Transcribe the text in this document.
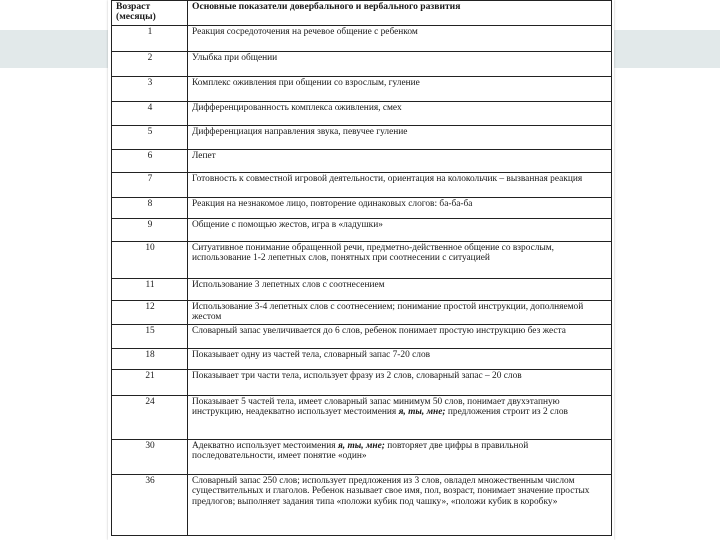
Возраст (месяцы)	Основные показатели довербального и вербального развития
1	Реакция сосредоточения на речевое общение с ребенком
2	Улыбка при общении
3	Комплекс оживления при общении со взрослым, гуление
4	Дифференцированность комплекса оживления, смех
5	Дифференциация направления звука, певучее гуление
6	Лепет
7	Готовность к совместной игровой деятельности, ориентация на колокольчик – вызванная реакция
8	Реакция на незнакомое лицо, повторение одинаковых слогов: ба-ба-ба
9	Общение с помощью жестов, игра в «ладушки»
10	Ситуативное понимание обращенной речи, предметно-действенное общение со взрослым, использование 1-2 лепетных слов, понятных при соотнесении с ситуацией
11	Использование 3 лепетных слов с соотнесением
12	Использование 3-4 лепетных слов с соотнесением; понимание простой инструкции, дополняемой жестом
15	Словарный запас увеличивается до 6 слов, ребенок понимает простую инструкцию без жеста
18	Показывает одну из частей тела, словарный запас 7-20 слов
21	Показывает три части тела, использует фразу из 2 слов, словарный запас – 20 слов
24	Показывает 5 частей тела, имеет словарный запас минимум 50 слов, понимает двухэтапную инструкцию, неадекватно использует местоимения я, ты, мне; предложения строит из 2 слов
30	Адекватно использует местоимения я, ты, мне; повторяет две цифры в правильной последовательности, имеет понятие «один»
36	Словарный запас 250 слов; использует предложения из 3 слов, овладел множественным числом существительных и глаголов. Ребенок называет свое имя, пол, возраст, понимает значение простых предлогов; выполняет задания типа «положи кубик под чашку», «положи кубик в коробку»
